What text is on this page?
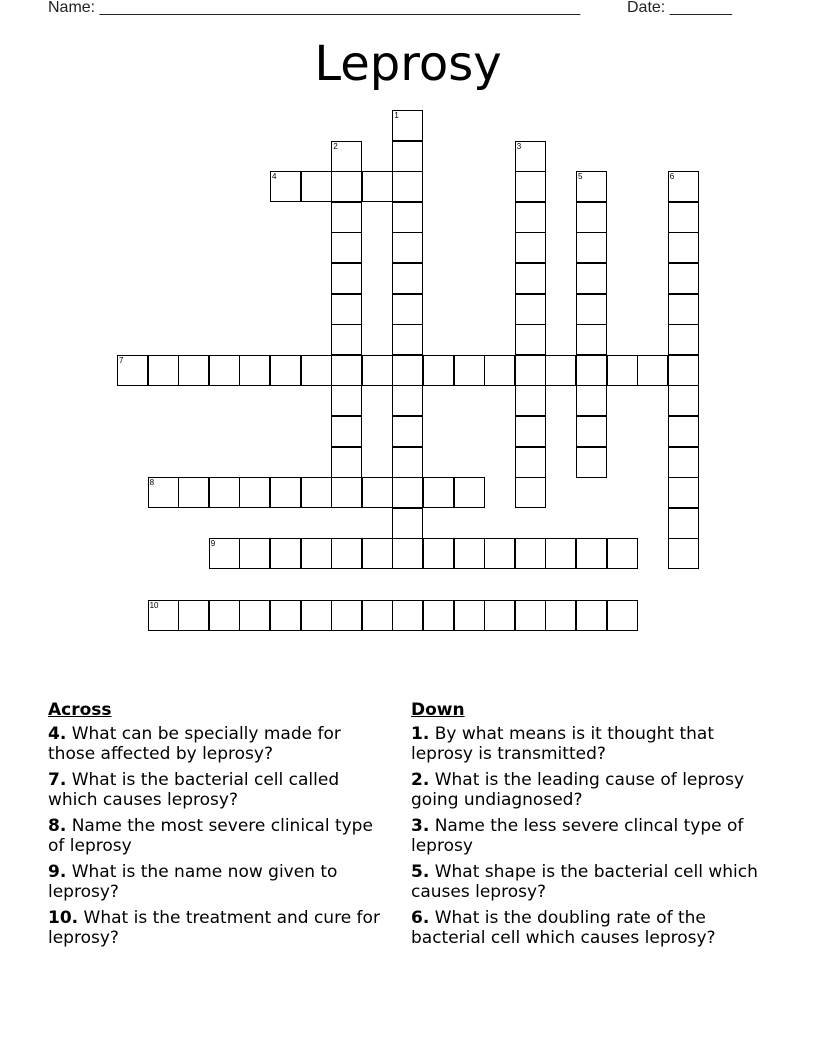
Name: ______________________________________________________	Date: _______
Leprosy
1
2	3
4	5	6
7
8
9
10
Across
4. What can be specially made for those affected by leprosy?
7. What is the bacterial cell called which causes leprosy?
8. Name the most severe clinical type of leprosy
9. What is the name now given to leprosy?
10. What is the treatment and cure for leprosy?
Down
1. By what means is it thought that leprosy is transmitted?
2. What is the leading cause of leprosy going undiagnosed?
3. Name the less severe clincal type of leprosy
5. What shape is the bacterial cell which causes leprosy?
6. What is the doubling rate of the bacterial cell which causes leprosy?
